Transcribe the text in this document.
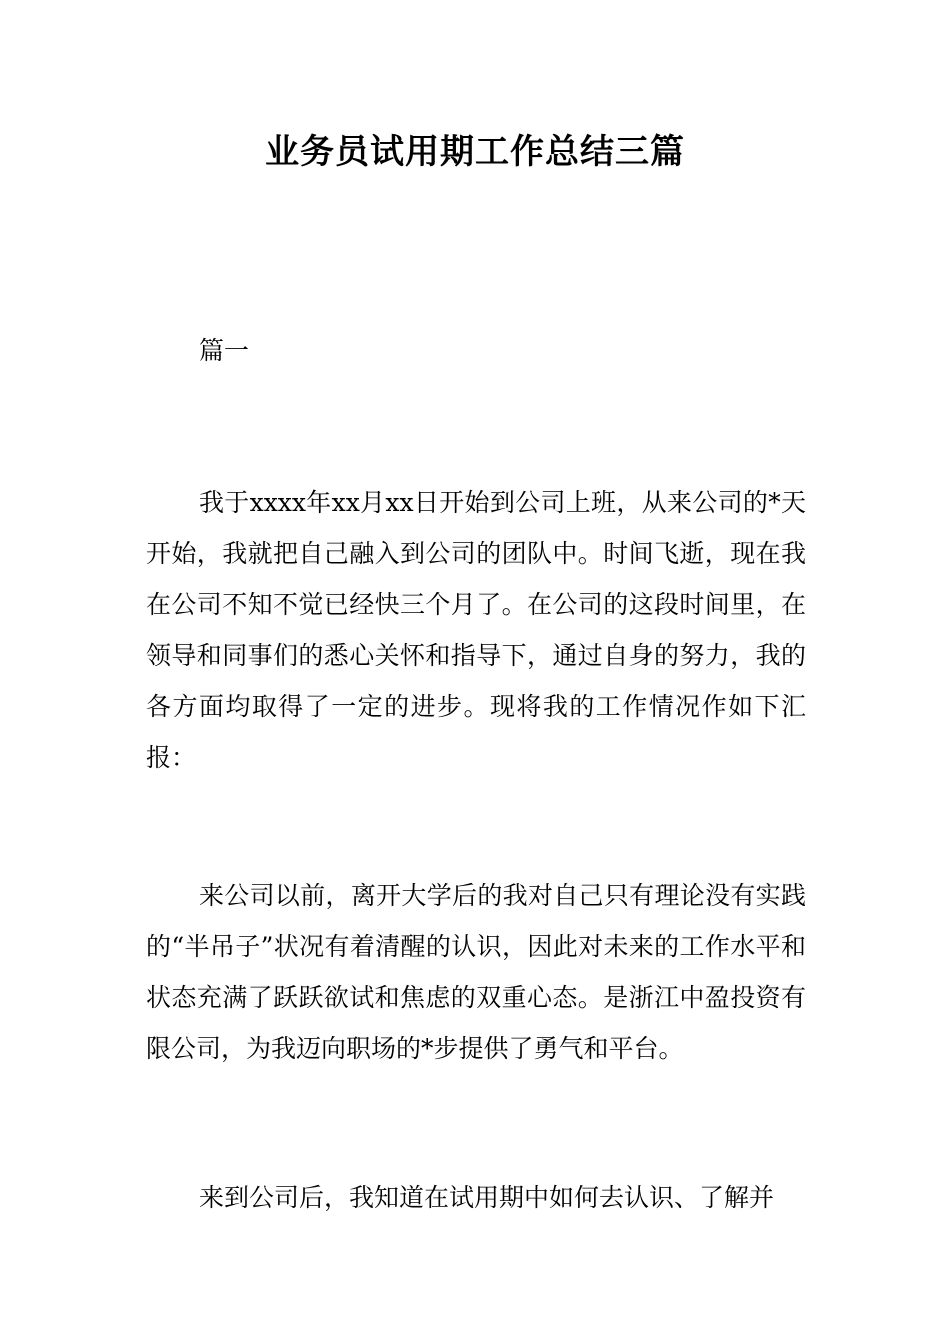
业务员试用期工作总结三篇
篇一

我于xxxx年xx月xx日开始到公司上班，从来公司的*天开始，我就把自己融入到公司的团队中。时间飞逝，现在我在公司不知不觉已经快三个月了。在公司的这段时间里，在领导和同事们的悉心关怀和指导下，通过自身的努力，我的各方面均取得了一定的进步。现将我的工作情况作如下汇报：

来公司以前，离开大学后的我对自己只有理论没有实践的“半吊子”状况有着清醒的认识，因此对未来的工作水平和状态充满了跃跃欲试和焦虑的双重心态。是浙江中盈投资有限公司，为我迈向职场的*步提供了勇气和平台。

来到公司后，我知道在试用期中如何去认识、了解并
